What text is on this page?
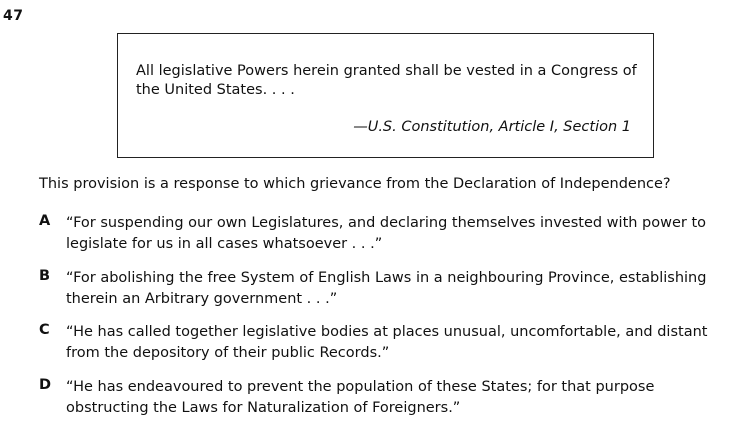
47
All legislative Powers herein granted shall be vested in a Congress of the United States. . . .
—U.S. Constitution, Article I, Section 1
This provision is a response to which grievance from the Declaration of Independence?
A “For suspending our own Legislatures, and declaring themselves invested with power to legislate for us in all cases whatsoever . . .”
B “For abolishing the free System of English Laws in a neighbouring Province, establishing therein an Arbitrary government . . .”
C “He has called together legislative bodies at places unusual, uncomfortable, and distant from the depository of their public Records.”
D “He has endeavoured to prevent the population of these States; for that purpose obstructing the Laws for Naturalization of Foreigners.”
